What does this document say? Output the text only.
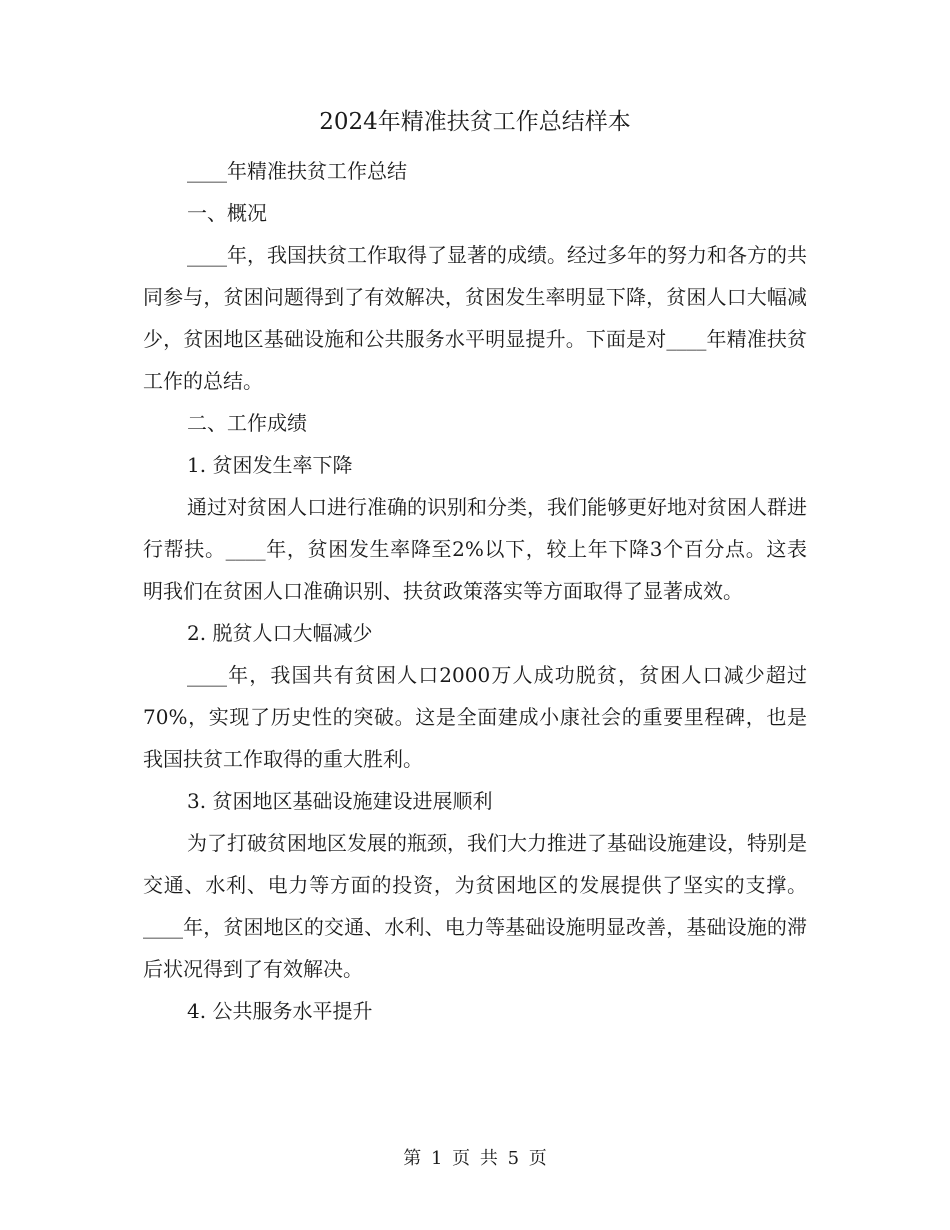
2024年精准扶贫工作总结样本

____年精准扶贫工作总结

一、概况

____年，我国扶贫工作取得了显著的成绩。经过多年的努力和各方的共同参与，贫困问题得到了有效解决，贫困发生率明显下降，贫困人口大幅减少，贫困地区基础设施和公共服务水平明显提升。下面是对____年精准扶贫工作的总结。

二、工作成绩

1. 贫困发生率下降

通过对贫困人口进行准确的识别和分类，我们能够更好地对贫困人群进行帮扶。____年，贫困发生率降至2%以下，较上年下降3个百分点。这表明我们在贫困人口准确识别、扶贫政策落实等方面取得了显著成效。

2. 脱贫人口大幅减少

____年，我国共有贫困人口2000万人成功脱贫，贫困人口减少超过70%，实现了历史性的突破。这是全面建成小康社会的重要里程碑，也是我国扶贫工作取得的重大胜利。

3. 贫困地区基础设施建设进展顺利

为了打破贫困地区发展的瓶颈，我们大力推进了基础设施建设，特别是交通、水利、电力等方面的投资，为贫困地区的发展提供了坚实的支撑。____年，贫困地区的交通、水利、电力等基础设施明显改善，基础设施的滞后状况得到了有效解决。

4. 公共服务水平提升

第 1 页 共 5 页
